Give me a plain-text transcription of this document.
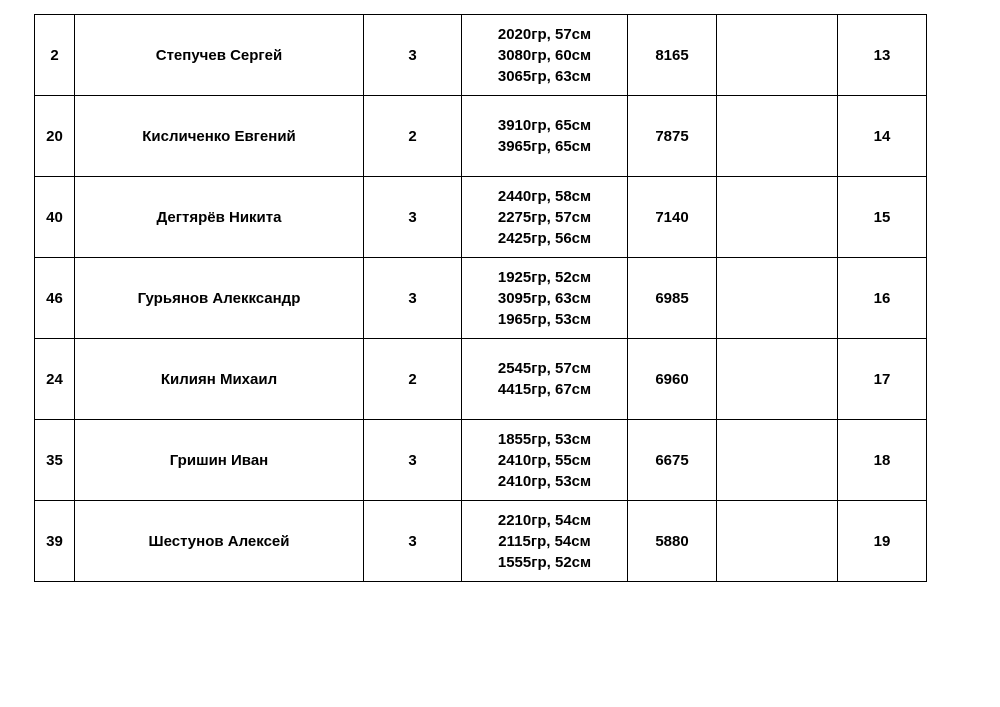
2	Степучев Сергей	3	2020гр, 57см
3080гр, 60см
3065гр, 63см	8165		13
20	Кисличенко Евгений	2	3910гр, 65см
3965гр, 65см	7875		14
40	Дегтярёв Никита	3	2440гр, 58см
2275гр, 57см
2425гр, 56см	7140		15
46	Гурьянов Алекксандр	3	1925гр, 52см
3095гр, 63см
1965гр, 53см	6985		16
24	Килиян Михаил	2	2545гр, 57см
4415гр, 67см	6960		17
35	Гришин Иван	3	1855гр, 53см
2410гр, 55см
2410гр, 53см	6675		18
39	Шестунов Алексей	3	2210гр, 54см
2115гр, 54см
1555гр, 52см	5880		19
